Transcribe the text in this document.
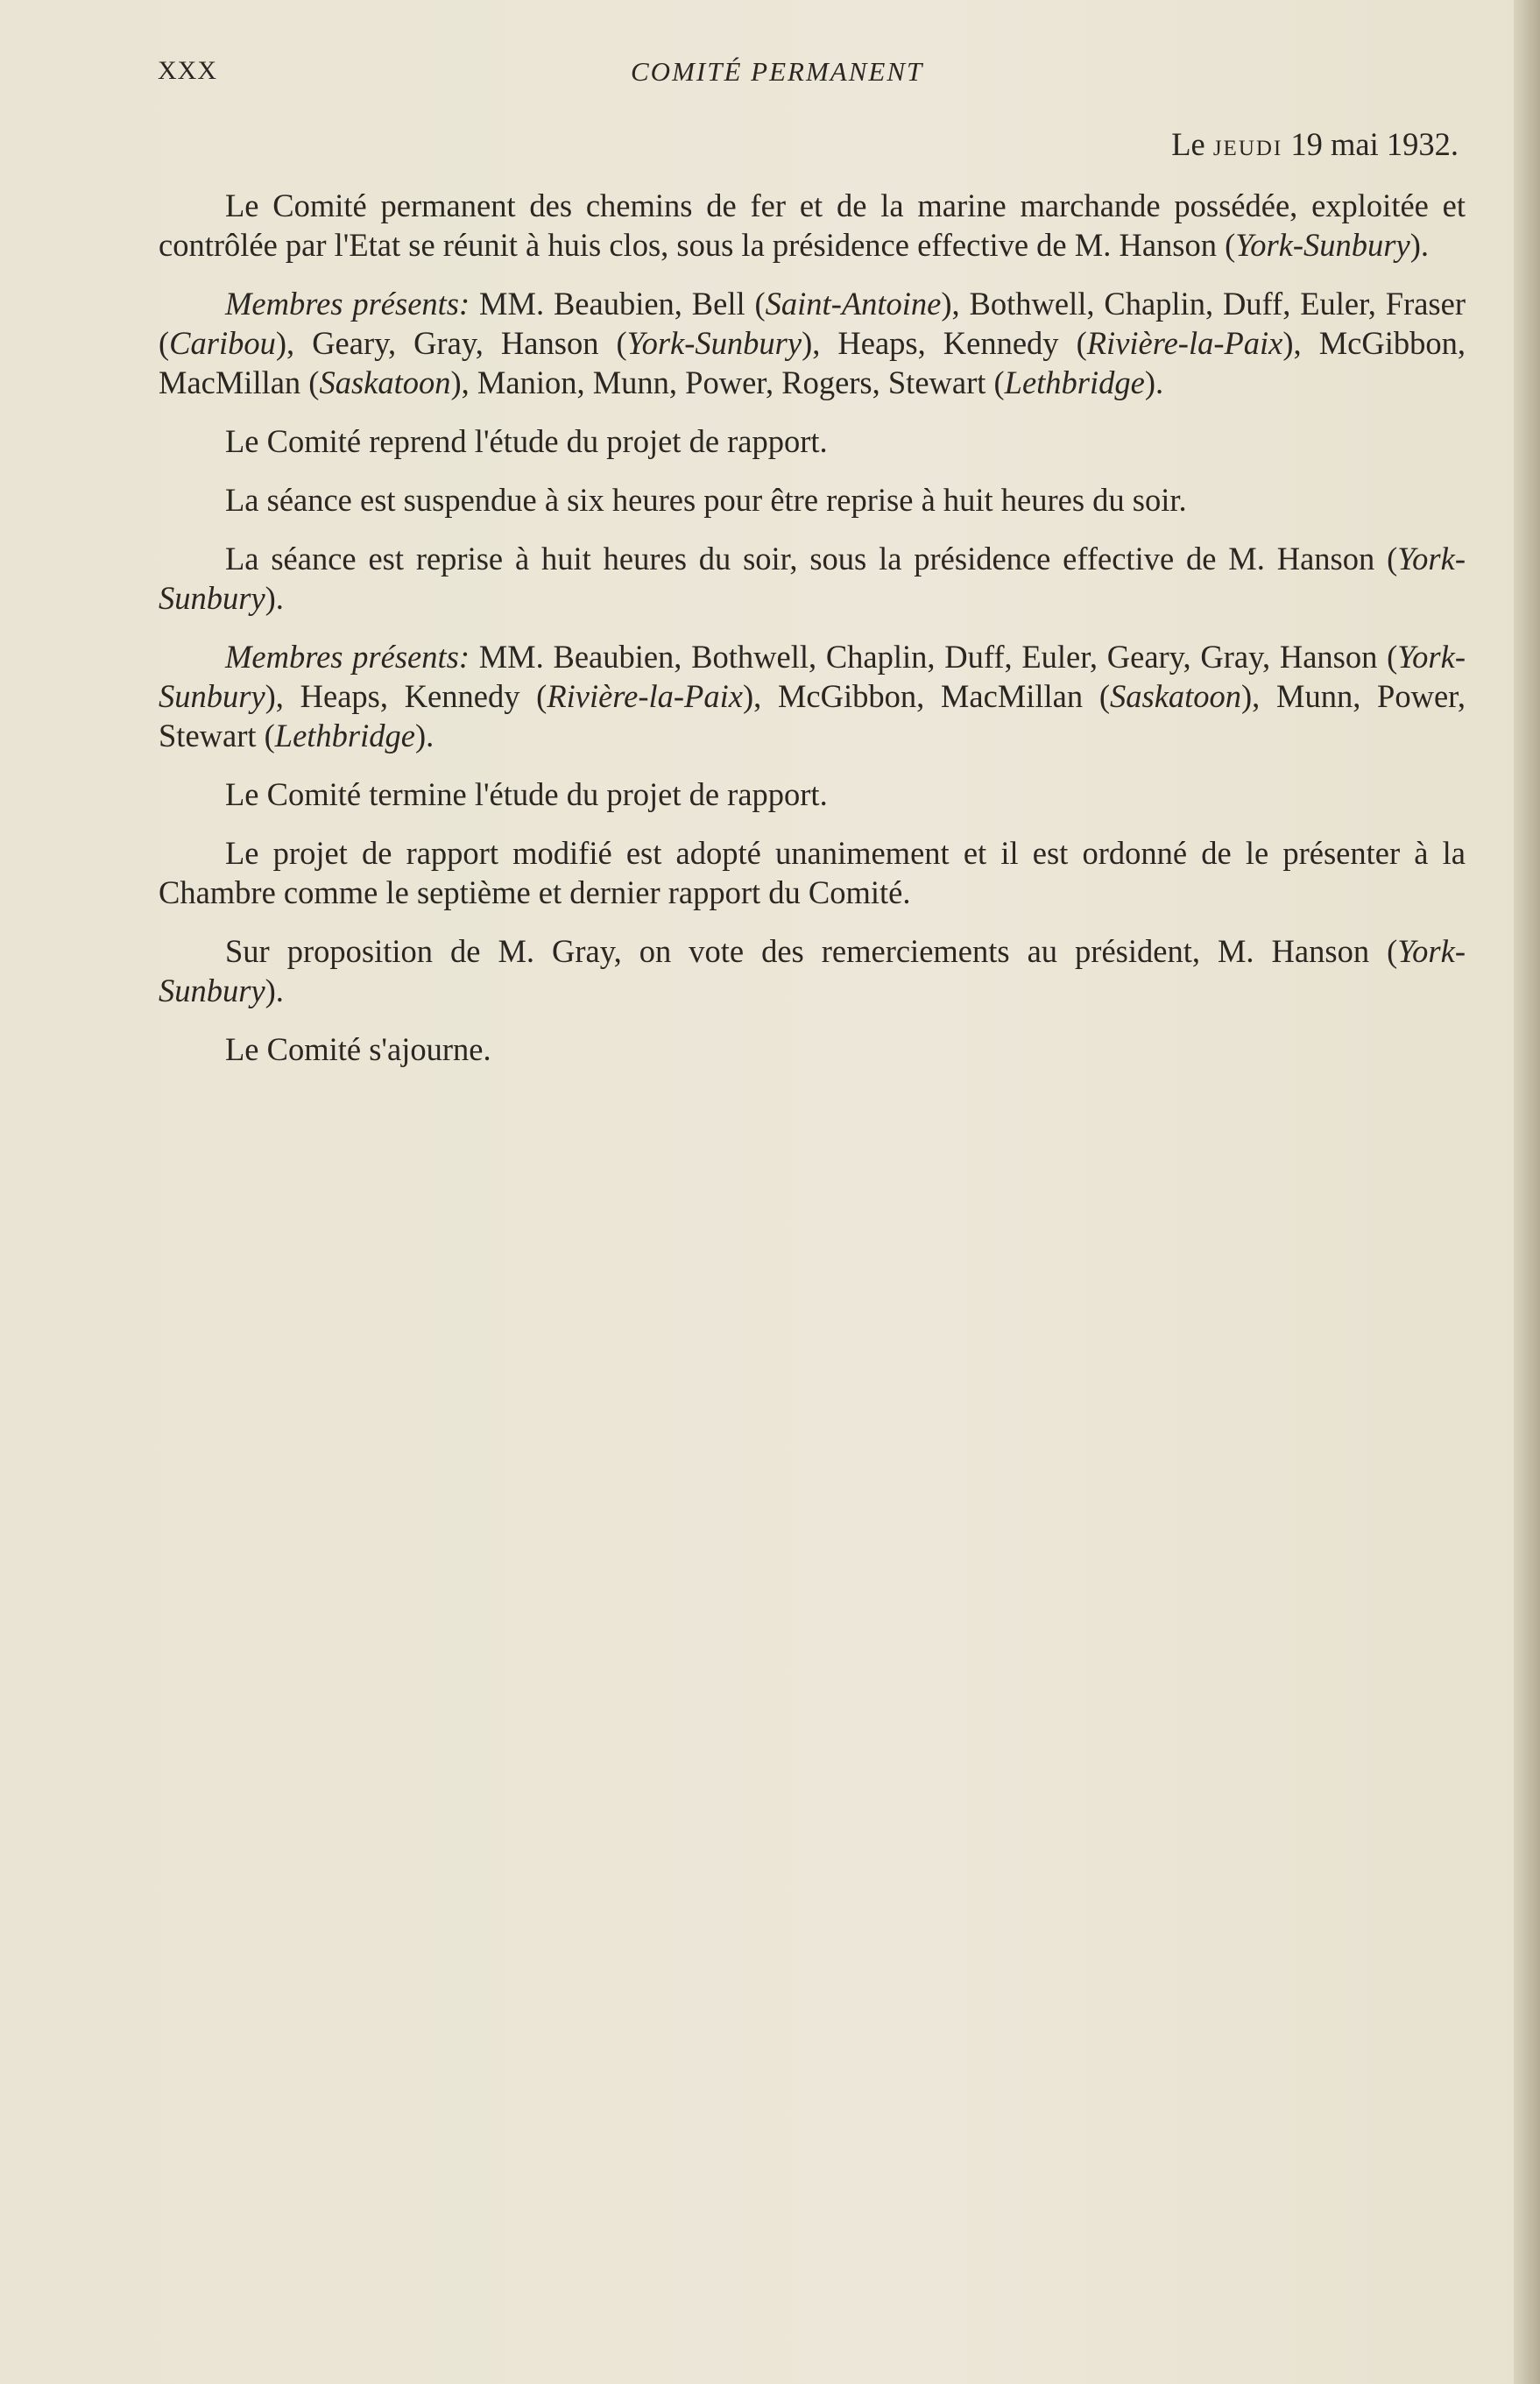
XXX	COMITÉ PERMANENT
Le JEUDI 19 mai 1932.

Le Comité permanent des chemins de fer et de la marine marchande possédée, exploitée et contrôlée par l'Etat se réunit à huis clos, sous la présidence effective de M. Hanson (York-Sunbury).

Membres présents: MM. Beaubien, Bell (Saint-Antoine), Bothwell, Chaplin, Duff, Euler, Fraser (Caribou), Geary, Gray, Hanson (York-Sunbury), Heaps, Kennedy (Rivière-la-Paix), McGibbon, MacMillan (Saskatoon), Manion, Munn, Power, Rogers, Stewart (Lethbridge).

Le Comité reprend l'étude du projet de rapport.

La séance est suspendue à six heures pour être reprise à huit heures du soir.

La séance est reprise à huit heures du soir, sous la présidence effective de M. Hanson (York-Sunbury).

Membres présents: MM. Beaubien, Bothwell, Chaplin, Duff, Euler, Geary, Gray, Hanson (York-Sunbury), Heaps, Kennedy (Rivière-la-Paix), McGibbon, MacMillan (Saskatoon), Munn, Power, Stewart (Lethbridge).

Le Comité termine l'étude du projet de rapport.

Le projet de rapport modifié est adopté unanimement et il est ordonné de le présenter à la Chambre comme le septième et dernier rapport du Comité.

Sur proposition de M. Gray, on vote des remerciements au président, M. Hanson (York-Sunbury).

Le Comité s'ajourne.
